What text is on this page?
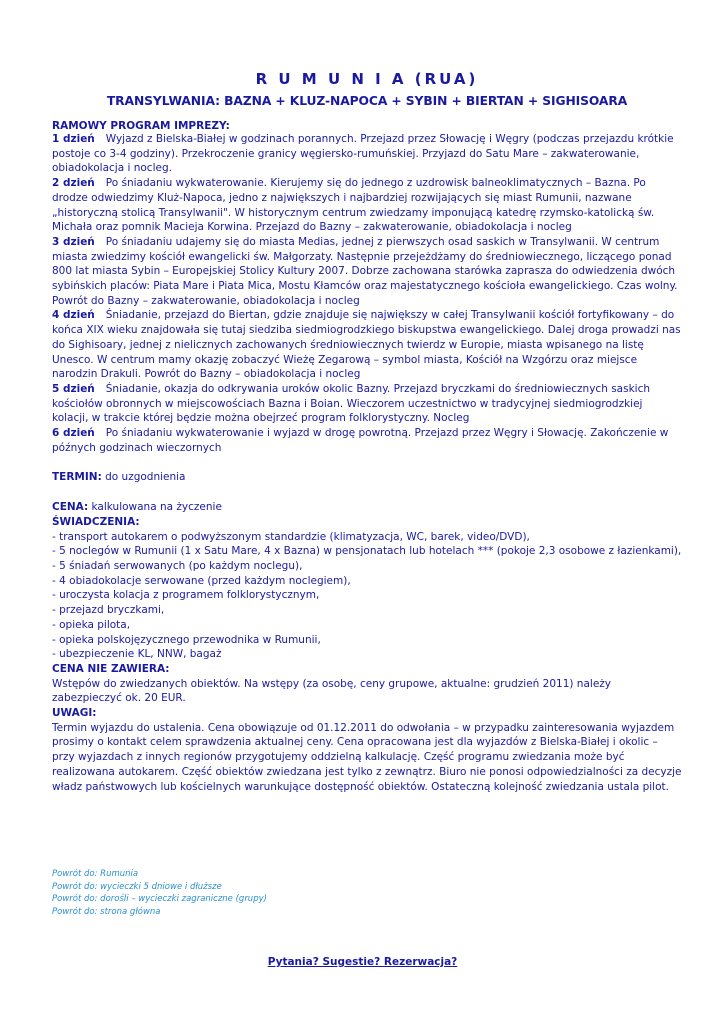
R U M U N I A (RUA)
TRANSYLWANIA: BAZNA + KLUZ-NAPOCA + SYBIN + BIERTAN + SIGHISOARA

RAMOWY PROGRAM IMPREZY:

1 dzień Wyjazd z Bielska-Białej w godzinach porannych. Przejazd przez Słowację i Węgry (podczas przejazdu krótkie postoje co 3-4 godziny). Przekroczenie granicy węgiersko-rumuńskiej. Przyjazd do Satu Mare – zakwaterowanie, obiadokolacja i nocleg.

2 dzień Po śniadaniu wykwaterowanie. Kierujemy się do jednego z uzdrowisk balneoklimatycznych – Bazna. Po drodze odwiedzimy Kluż-Napoca, jedno z największych i najbardziej rozwijających się miast Rumunii, nazwane „historyczną stolicą Transylwanii". W historycznym centrum zwiedzamy imponującą katedrę rzymsko-katolicką św. Michała oraz pomnik Macieja Korwina. Przejazd do Bazny – zakwaterowanie, obiadokolacja i nocleg

3 dzień Po śniadaniu udajemy się do miasta Medias, jednej z pierwszych osad saskich w Transylwanii. W centrum miasta zwiedzimy kościół ewangelicki św. Małgorzaty. Następnie przejeżdżamy do średniowiecznego, liczącego ponad 800 lat miasta Sybin – Europejskiej Stolicy Kultury 2007. Dobrze zachowana starówka zaprasza do odwiedzenia dwóch sybińskich placów: Piata Mare i Piata Mica, Mostu Kłamców oraz majestatycznego kościoła ewangelickiego. Czas wolny. Powrót do Bazny – zakwaterowanie, obiadokolacja i nocleg

4 dzień Śniadanie, przejazd do Biertan, gdzie znajduje się największy w całej Transylwanii kościół fortyfikowany – do końca XIX wieku znajdowała się tutaj siedziba siedmiogrodzkiego biskupstwa ewangelickiego. Dalej droga prowadzi nas do Sighisoary, jednej z nielicznych zachowanych średniowiecznych twierdz w Europie, miasta wpisanego na listę Unesco. W centrum mamy okazję zobaczyć Wieżę Zegarową – symbol miasta, Kościół na Wzgórzu oraz miejsce narodzin Drakuli. Powrót do Bazny – obiadokolacja i nocleg

5 dzień Śniadanie, okazja do odkrywania uroków okolic Bazny. Przejazd bryczkami do średniowiecznych saskich kościołów obronnych w miejscowościach Bazna i Boian. Wieczorem uczestnictwo w tradycyjnej siedmiogrodzkiej kolacji, w trakcie której będzie można obejrzeć program folklorystyczny. Nocleg

6 dzień Po śniadaniu wykwaterowanie i wyjazd w drogę powrotną. Przejazd przez Węgry i Słowację. Zakończenie w późnych godzinach wieczornych

TERMIN: do uzgodnienia

CENA: kalkulowana na życzenie

ŚWIADCZENIA:

- transport autokarem o podwyższonym standardzie (klimatyzacja, WC, barek, video/DVD),
- 5 noclegów w Rumunii (1 x Satu Mare, 4 x Bazna) w pensjonatach lub hotelach *** (pokoje 2,3 osobowe z łazienkami),
- 5 śniadań serwowanych (po każdym noclegu),
- 4 obiadokolacje serwowane (przed każdym noclegiem),
- uroczysta kolacja z programem folklorystycznym,
- przejazd bryczkami,
- opieka pilota,
- opieka polskojęzycznego przewodnika w Rumunii,
- ubezpieczenie KL, NNW, bagaż

CENA NIE ZAWIERA:

Wstępów do zwiedzanych obiektów. Na wstępy (za osobę, ceny grupowe, aktualne: grudzień 2011) należy zabezpieczyć ok. 20 EUR.

UWAGI:

Termin wyjazdu do ustalenia. Cena obowiązuje od 01.12.2011 do odwołania – w przypadku zainteresowania wyjazdem prosimy o kontakt celem sprawdzenia aktualnej ceny. Cena opracowana jest dla wyjazdów z Bielska-Białej i okolic – przy wyjazdach z innych regionów przygotujemy oddzielną kalkulację. Część programu zwiedzania może być realizowana autokarem. Część obiektów zwiedzana jest tylko z zewnątrz. Biuro nie ponosi odpowiedzialności za decyzje władz państwowych lub kościelnych warunkujące dostępność obiektów. Ostateczną kolejność zwiedzania ustala pilot.

Powrót do: Rumunia
Powrót do: wycieczki 5 dniowe i dłuższe
Powrót do: dorośli – wycieczki zagraniczne (grupy)
Powrót do: strona główna
Pytania? Sugestie? Rezerwacja?
